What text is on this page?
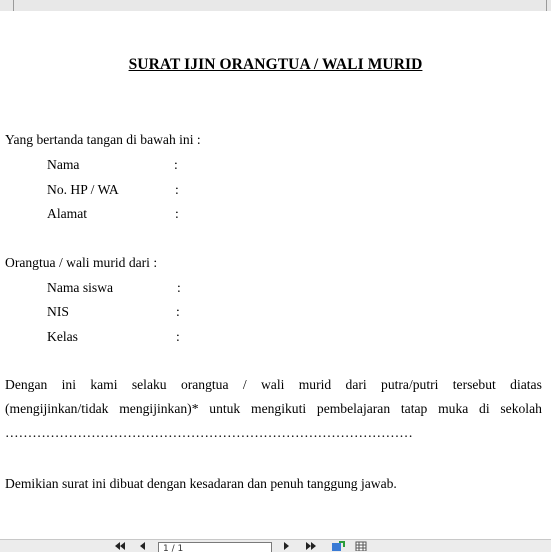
SURAT IJIN ORANGTUA / WALI MURID
Yang bertanda tangan di bawah ini :
Nama	:
No. HP / WA	:
Alamat	:
Orangtua / wali murid dari :
Nama siswa	:
NIS	:
Kelas	:
Dengan ini kami selaku orangtua / wali murid dari putra/putri tersebut diatas
(mengijinkan/tidak mengijinkan)* untuk mengikuti pembelajaran tatap muka di sekolah
………………………………………………………………………………
Demikian surat ini dibuat dengan kesadaran dan penuh tanggung jawab.
1 / 1
